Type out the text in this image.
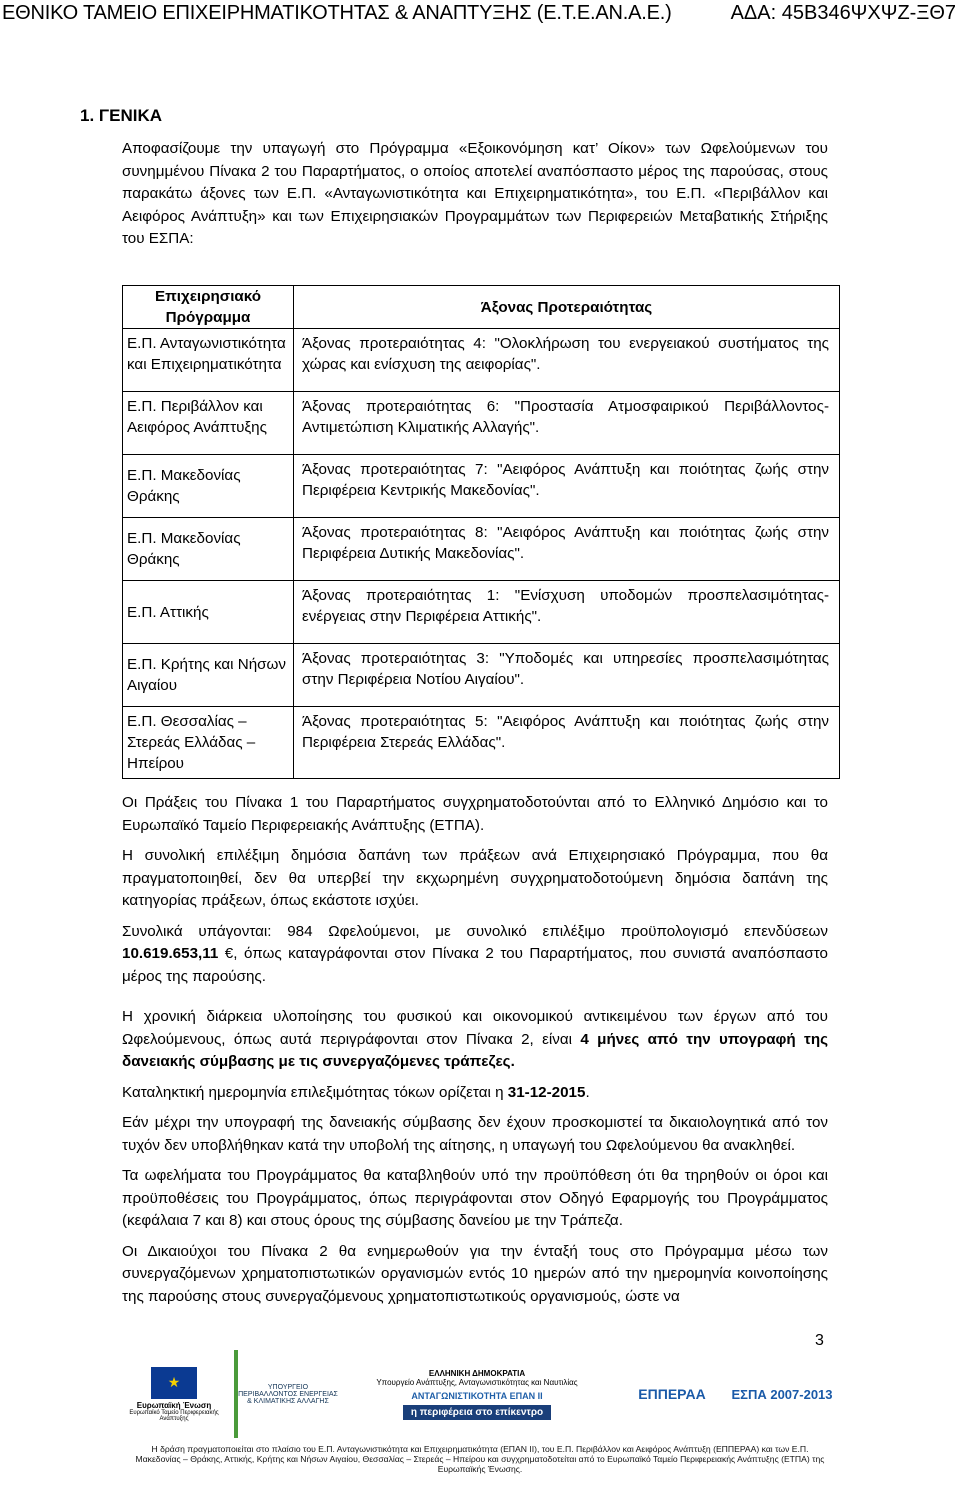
ΕΘΝΙΚΟ ΤΑΜΕΙΟ ΕΠΙΧΕΙΡΗΜΑΤΙΚΟΤΗΤΑΣ & ΑΝΑΠΤΥΞΗΣ (Ε.Τ.Ε.ΑΝ.Α.Ε.)	ΑΔΑ: 45Β346ΨΧΨΖ-ΞΘ7
1. ΓΕΝΙΚΑ

Αποφασίζουμε την υπαγωγή στο Πρόγραμμα «Εξοικονόμηση κατ’ Οίκον» των Ωφελούμενων του συνημμένου Πίνακα 2 του Παραρτήματος, ο οποίος αποτελεί αναπόσπαστο μέρος της παρούσας, στους παρακάτω άξονες των Ε.Π. «Ανταγωνιστικότητα και Επιχειρηματικότητα», του Ε.Π. «Περιβάλλον και Αειφόρος Ανάπτυξη» και των Επιχειρησιακών Προγραμμάτων των Περιφερειών Μεταβατικής Στήριξης του ΕΣΠΑ:

Επιχειρησιακό Πρόγραμμα	Άξονας Προτεραιότητας
Ε.Π. Ανταγωνιστικότητα και Επιχειρηματικότητα	Άξονας προτεραιότητας 4: "Ολοκλήρωση του ενεργειακού συστήματος της χώρας και ενίσχυση της αειφορίας".
Ε.Π. Περιβάλλον και Αειφόρος Ανάπτυξης	Άξονας προτεραιότητας 6: "Προστασία Ατμοσφαιρικού Περιβάλλοντος-Αντιμετώπιση Κλιματικής Αλλαγής".
Ε.Π. Μακεδονίας Θράκης	Άξονας προτεραιότητας 7: "Αειφόρος Ανάπτυξη και ποιότητας ζωής στην Περιφέρεια Κεντρικής Μακεδονίας".
Ε.Π. Μακεδονίας Θράκης	Άξονας προτεραιότητας 8: "Αειφόρος Ανάπτυξη και ποιότητας ζωής στην Περιφέρεια Δυτικής Μακεδονίας".
Ε.Π. Αττικής	Άξονας προτεραιότητας 1: "Ενίσχυση υποδομών προσπελασιμότητας-ενέργειας στην Περιφέρεια Αττικής".
Ε.Π. Κρήτης και Νήσων Αιγαίου	Άξονας προτεραιότητας 3: "Υποδομές και υπηρεσίες προσπελασιμότητας στην Περιφέρεια Νοτίου Αιγαίου".
Ε.Π. Θεσσαλίας – Στερεάς Ελλάδας – Ηπείρου	Άξονας προτεραιότητας 5: "Αειφόρος Ανάπτυξη και ποιότητας ζωής στην Περιφέρεια Στερεάς Ελλάδας".

Οι Πράξεις του Πίνακα 1 του Παραρτήματος συγχρηματοδοτούνται από το Ελληνικό Δημόσιο και το Ευρωπαϊκό Ταμείο Περιφερειακής Ανάπτυξης (ΕΤΠΑ).

Η συνολική επιλέξιμη δημόσια δαπάνη των πράξεων ανά Επιχειρησιακό Πρόγραμμα, που θα πραγματοποιηθεί, δεν θα υπερβεί την εκχωρημένη συγχρηματοδοτούμενη δημόσια δαπάνη της κατηγορίας πράξεων, όπως εκάστοτε ισχύει.

Συνολικά υπάγονται: 984 Ωφελούμενοι, με συνολικό επιλέξιμο προϋπολογισμό επενδύσεων 10.619.653,11 €, όπως καταγράφονται στον Πίνακα 2 του Παραρτήματος, που συνιστά αναπόσπαστο μέρος της παρούσης.

Η χρονική διάρκεια υλοποίησης του φυσικού και οικονομικού αντικειμένου των έργων από του Ωφελούμενους, όπως αυτά περιγράφονται στον Πίνακα 2, είναι 4 μήνες από την υπογραφή της δανειακής σύμβασης με τις συνεργαζόμενες τράπεζες.

Καταληκτική ημερομηνία επιλεξιμότητας τόκων ορίζεται η 31-12-2015.

Εάν μέχρι την υπογραφή της δανειακής σύμβασης δεν έχουν προσκομιστεί τα δικαιολογητικά από τον τυχόν δεν υποβλήθηκαν κατά την υποβολή της αίτησης, η υπαγωγή του Ωφελούμενου θα ανακληθεί.

Τα ωφελήματα του Προγράμματος θα καταβληθούν υπό την προϋπόθεση ότι θα τηρηθούν οι όροι και προϋποθέσεις του Προγράμματος, όπως περιγράφονται στον Οδηγό Εφαρμογής του Προγράμματος (κεφάλαια 7 και 8) και στους όρους της σύμβασης δανείου με την Τράπεζα.

Οι Δικαιούχοι του Πίνακα 2 θα ενημερωθούν για την ένταξή τους στο Πρόγραμμα μέσω των συνεργαζόμενων χρηματοπιστωτικών οργανισμών εντός 10 ημερών από την ημερομηνία κοινοποίησης της παρούσης στους συνεργαζόμενους χρηματοπιστωτικούς οργανισμούς, ώστε να

3
★
Ευρωπαϊκή Ένωση
Ευρωπαϊκό Ταμείο Περιφερειακής Ανάπτυξης
ΥΠΟΥΡΓΕΙΟ ΠΕΡΙΒΑΛΛΟΝΤΟΣ ΕΝΕΡΓΕΙΑΣ & ΚΛΙΜΑΤΙΚΗΣ ΑΛΛΑΓΗΣ
ΕΛΛΗΝΙΚΗ ΔΗΜΟΚΡΑΤΙΑ
Υπουργείο Ανάπτυξης, Ανταγωνιστικότητας και Ναυτιλίας
ΑΝΤΑΓΩΝΙΣΤΙΚΟΤΗΤΑ ΕΠΑΝ ΙΙ
η περιφέρεια στο επίκεντρο
ΕΠΠΕΡΑΑ	ΕΣΠΑ 2007-2013
Η δράση πραγματοποιείται στο πλαίσιο του Ε.Π. Ανταγωνιστικότητα και Επιχειρηματικότητα (ΕΠΑΝ ΙΙ), του Ε.Π. Περιβάλλον και Αειφόρος Ανάπτυξη (ΕΠΠΕΡΑΑ) και των Ε.Π. Μακεδονίας – Θράκης, Αττικής, Κρήτης και Νήσων Αιγαίου, Θεσσαλίας – Στερεάς – Ηπείρου και συγχρηματοδοτείται από το Ευρωπαϊκό Ταμείο Περιφερειακής Ανάπτυξης (ΕΤΠΑ) της Ευρωπαϊκής Ένωσης.
